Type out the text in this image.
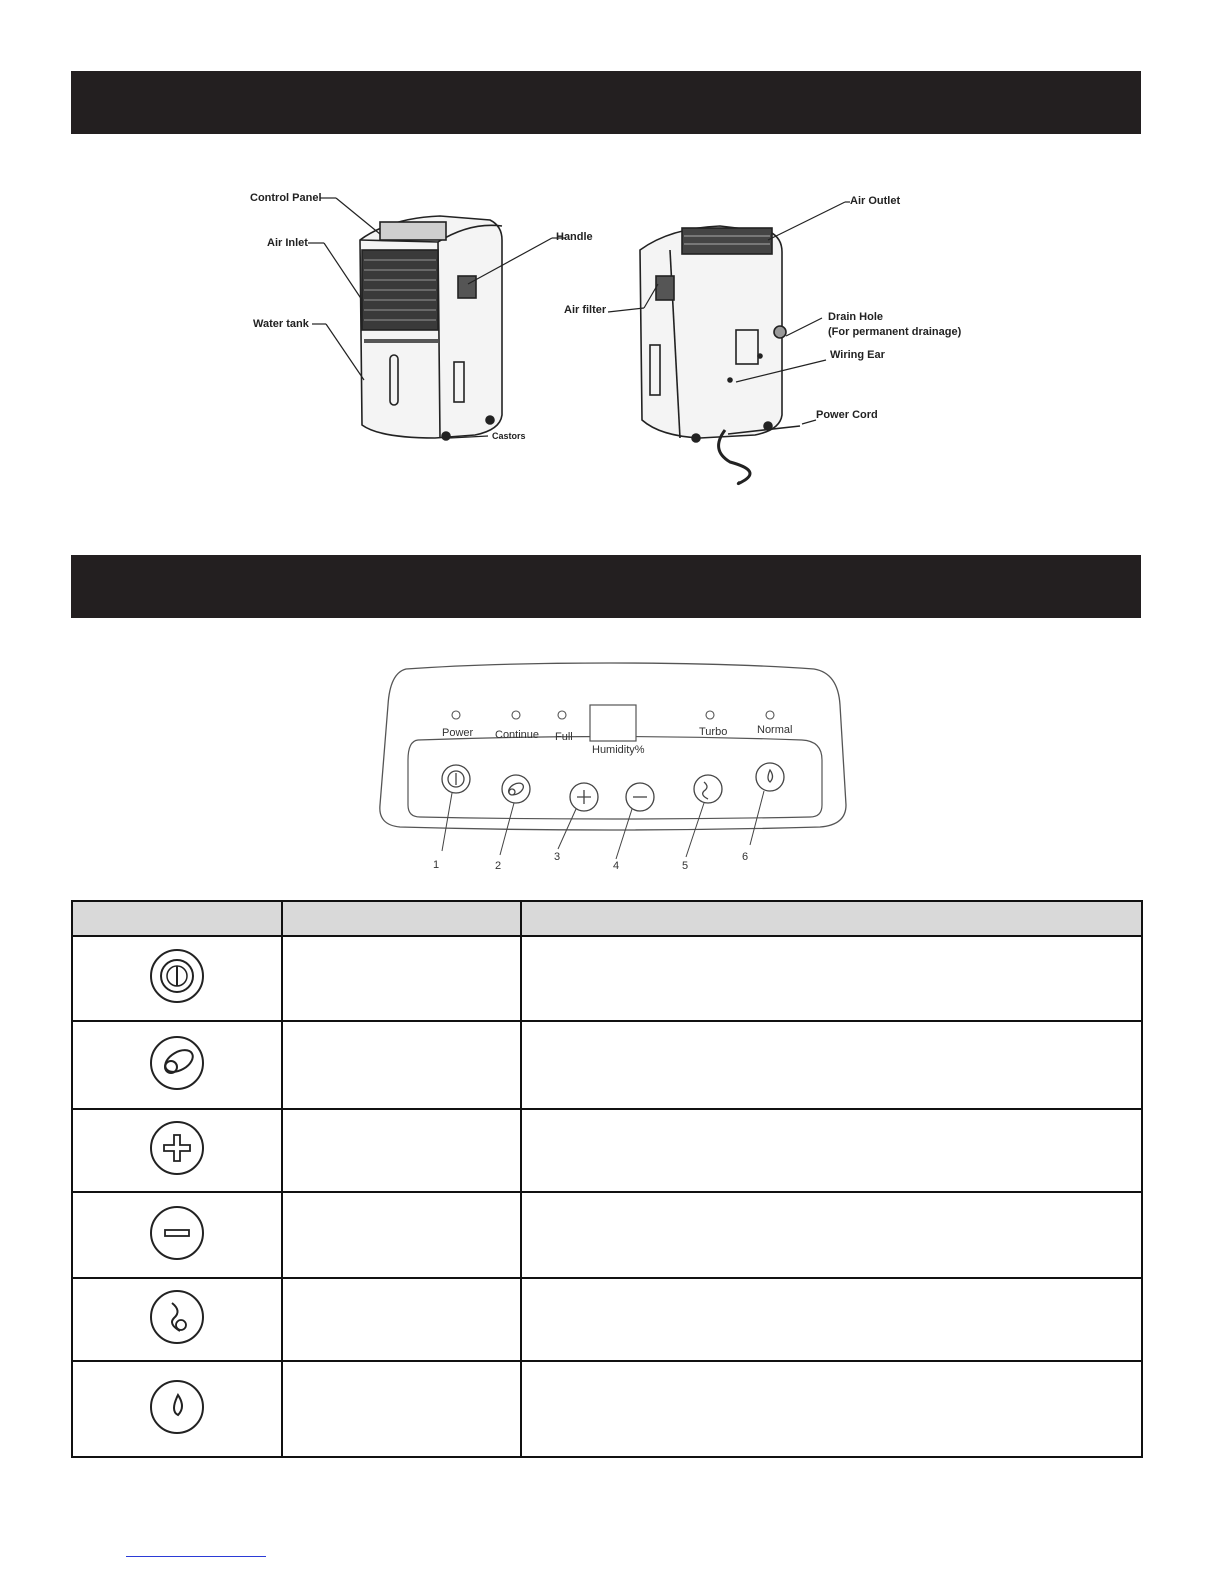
Control Panel
Air Inlet
Water tank
Handle
Castors
Air Outlet
Air filter
Drain Hole
(For permanent drainage)
Wiring Ear
Power Cord
Power Continue Full	Turbo	Normal
Humidity%
1	2
3
4	5
6
